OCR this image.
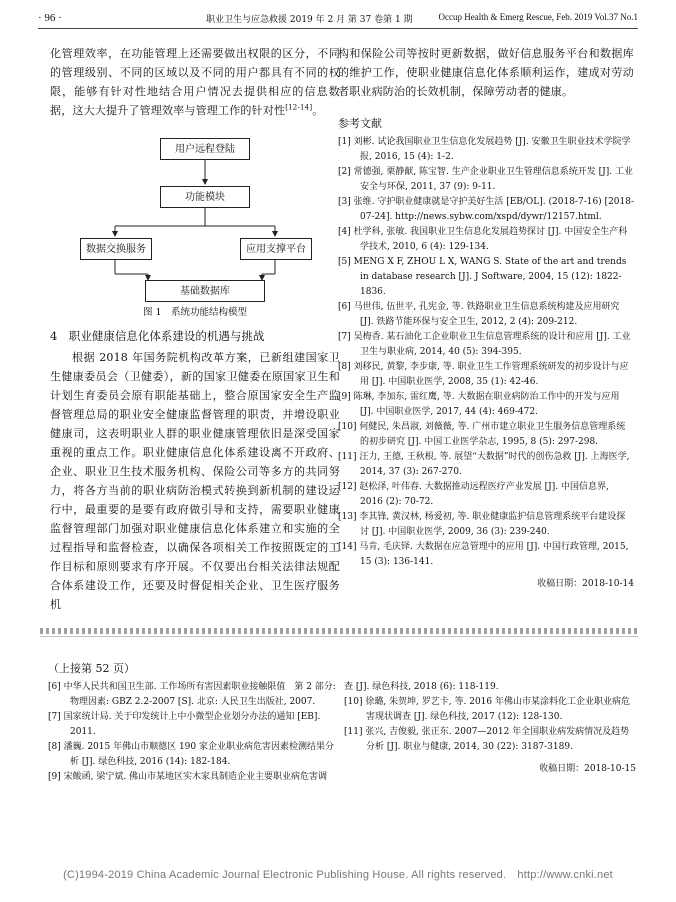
· 96 ·	职业卫生与应急救援 2019 年 2 月 第 37 卷第 1 期	Occup Health & Emerg Rescue, Feb. 2019 Vol.37 No.1

化管理效率，在功能管理上还需要做出权限的区分，不同的管理级别、不同的区域以及不同的用户都具有不同的权限，能够有针对性地结合用户情况去提供相应的信息数据，这大大提升了管理效率与管理工作的针对性[12-14]。

用户远程登陆
功能模块
数据交换服务	应用支撑平台
基础数据库
图 1　系统功能结构模型
4　职业健康信息化体系建设的机遇与挑战

根据 2018 年国务院机构改革方案，已新组建国家卫生健康委员会（卫健委），新的国家卫健委在原国家卫生和计划生育委员会原有职能基础上，整合原国家安全生产监督管理总局的职业安全健康监督管理的职责，并增设职业健康司，这表明职业人群的职业健康管理依旧是深受国家重视的重点工作。职业健康信息化体系建设离不开政府、企业、职业卫生技术服务机构、保险公司等多方的共同努力，将各方当前的职业病防治模式转换到新机制的建设运行中，最重要的是要有政府做引导和支持，需要职业健康监督管理部门加强对职业健康信息化体系建立和实施的全过程指导和监督检查，以确保各项相关工作按照既定的工作目标和原则要求有序开展。不仅要出台相关法律法规配合体系建设工作，还要及时督促相关企业、卫生医疗服务机

构和保险公司等按时更新数据，做好信息服务平台和数据库的维护工作，使职业健康信息化体系顺利运作，建成对劳动者职业病防治的长效机制，保障劳动者的健康。

参考文献
[1] 刘彬. 试论我国职业卫生信息化发展趋势 [J]. 安徽卫生职业技术学院学报, 2016, 15 (4): 1-2.
[2] 常德强, 栗静献, 陈宝智. 生产企业职业卫生管理信息系统开发 [J]. 工业安全与环保, 2011, 37 (9): 9-11.
[3] 张维. 守护职业健康就是守护美好生活 [EB/OL]. (2018-7-16) [2018-07-24]. http://news.sybw.com/xspd/dywr/12157.html.
[4] 杜学科, 张敏. 我国职业卫生信息化发展趋势探讨 [J]. 中国安全生产科学技术, 2010, 6 (4): 129-134.
[5] MENG X F, ZHOU L X, WANG S. State of the art and trends in database research [J]. J Software, 2004, 15 (12): 1822-1836.
[6] 马世伟, 伍世平, 孔宪金, 等. 铁路职业卫生信息系统构建及应用研究 [J]. 铁路节能环保与安全卫生, 2012, 2 (4): 209-212.
[7] 吴梅香. 某石油化工企业职业卫生信息管理系统的设计和应用 [J]. 工业卫生与职业病, 2014, 40 (5): 394-395.
[8] 刘移民, 黄黎, 李步康, 等. 职业卫生工作管理系统研发的初步设计与应用 [J]. 中国职业医学, 2008, 35 (1): 42-46.
[9] 陈琳, 李加东, 雷红鹰, 等. 大数据在职业病防治工作中的开发与应用 [J]. 中国职业医学, 2017, 44 (4): 469-472.
[10] 何健民, 朱昌淑, 刘薇薇, 等. 广州市建立职业卫生服务信息管理系统的初步研究 [J]. 中国工业医学杂志, 1995, 8 (5): 297-298.
[11] 汪力, 王德, 王秋根, 等. 展望“大数据”时代的创伤急救 [J]. 上海医学, 2014, 37 (3): 267-270.
[12] 赵松泽, 叶伟春. 大数据推动远程医疗产业发展 [J]. 中国信息界, 2016 (2): 70-72.
[13] 李其锋, 黄汉林, 杨爱初, 等. 职业健康监护信息管理系统平台建设探讨 [J]. 中国职业医学, 2009, 36 (3): 239-240.
[14] 马肯, 毛庆铎. 大数据在应急管理中的应用 [J]. 中国行政管理, 2015, 15 (3): 136-141.
收稿日期：2018-10-14
（上接第 52 页）
[6] 中华人民共和国卫生部. 工作场所有害因素职业接触限值　第 2 部分: 物理因素: GBZ 2.2-2007 [S]. 北京: 人民卫生出版社, 2007.
[7] 国家统计局. 关于印发统计上中小微型企业划分办法的通知 [EB]. 2011.
[8] 潘巍. 2015 年佛山市顺德区 190 家企业职业病危害因素检测结果分析 [J]. 绿色科技, 2016 (14): 182-184.
[9] 宋鲅函, 梁宁斌. 佛山市某地区实木家具制造企业主要职业病危害调
查 [J]. 绿色科技, 2018 (6): 118-119.
[10] 徐璐, 朱贺坤, 罗艺卡, 等. 2016 年佛山市某涂料化工企业职业病危害现状调查 [J]. 绿色科技, 2017 (12): 128-130.
[11] 张兴, 吉俊毅, 张正东. 2007—2012 年全国职业病发病情况及趋势分析 [J]. 职业与健康, 2014, 30 (22): 3187-3189.
收稿日期：2018-10-15
(C)1994-2019 China Academic Journal Electronic Publishing House. All rights reserved.　http://www.cnki.net
